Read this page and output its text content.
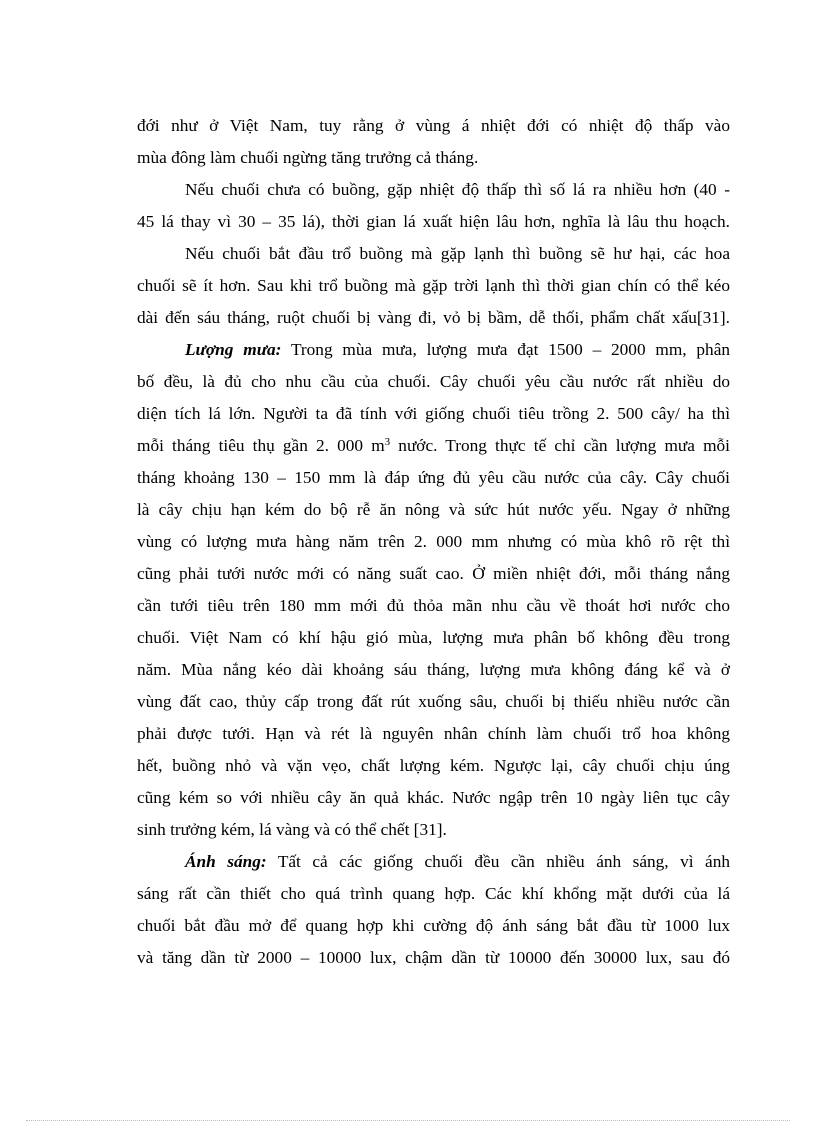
đới như ở Việt Nam, tuy rằng ở vùng á nhiệt đới có nhiệt độ thấp vào
mùa đông làm chuối ngừng tăng trưởng cả tháng.
Nếu chuối chưa có buồng, gặp nhiệt độ thấp thì số lá ra nhiều hơn (40 -
45 lá thay vì 30 – 35 lá), thời gian lá xuất hiện lâu hơn, nghĩa là lâu thu hoạch.
Nếu chuối bắt đầu trổ buồng mà gặp lạnh thì buồng sẽ hư hại, các hoa
chuối sẽ ít hơn. Sau khi trổ buồng mà gặp trời lạnh thì thời gian chín có thể kéo
dài đến sáu tháng, ruột chuối bị vàng đi, vỏ bị bầm, dễ thối, phẩm chất xấu[31].
Lượng mưa: Trong mùa mưa, lượng mưa đạt 1500 – 2000 mm, phân
bố đều, là đủ cho nhu cầu của chuối. Cây chuối yêu cầu nước rất nhiều do
diện tích lá lớn. Người ta đã tính với giống chuối tiêu trồng 2. 500 cây/ ha thì
mỗi tháng tiêu thụ gần 2. 000 $m^3$ nước. Trong thực tế chỉ cần lượng mưa mỗi
tháng khoảng 130 – 150 mm là đáp ứng đủ yêu cầu nước của cây. Cây chuối
là cây chịu hạn kém do bộ rễ ăn nông và sức hút nước yếu. Ngay ở những
vùng có lượng mưa hàng năm trên 2. 000 mm nhưng có mùa khô rõ rệt thì
cũng phải tưới nước mới có năng suất cao. Ở miền nhiệt đới, mỗi tháng nắng
cần tưới tiêu trên 180 mm mới đủ thỏa mãn nhu cầu về thoát hơi nước cho
chuối. Việt Nam có khí hậu gió mùa, lượng mưa phân bố không đều trong
năm. Mùa nắng kéo dài khoảng sáu tháng, lượng mưa không đáng kể và ở
vùng đất cao, thủy cấp trong đất rút xuống sâu, chuối bị thiếu nhiều nước cần
phải được tưới. Hạn và rét là nguyên nhân chính làm chuối trổ hoa không
hết, buồng nhỏ và vặn vẹo, chất lượng kém. Ngược lại, cây chuối chịu úng
cũng kém so với nhiều cây ăn quả khác. Nước ngập trên 10 ngày liên tục cây
sinh trưởng kém, lá vàng và có thể chết [31].
Ánh sáng: Tất cả các giống chuối đều cần nhiều ánh sáng, vì ánh
sáng rất cần thiết cho quá trình quang hợp. Các khí khổng mặt dưới của lá
chuối bắt đầu mở để quang hợp khi cường độ ánh sáng bắt đầu từ 1000 lux
và tăng dần từ 2000 – 10000 lux, chậm dần từ 10000 đến 30000 lux, sau đó
